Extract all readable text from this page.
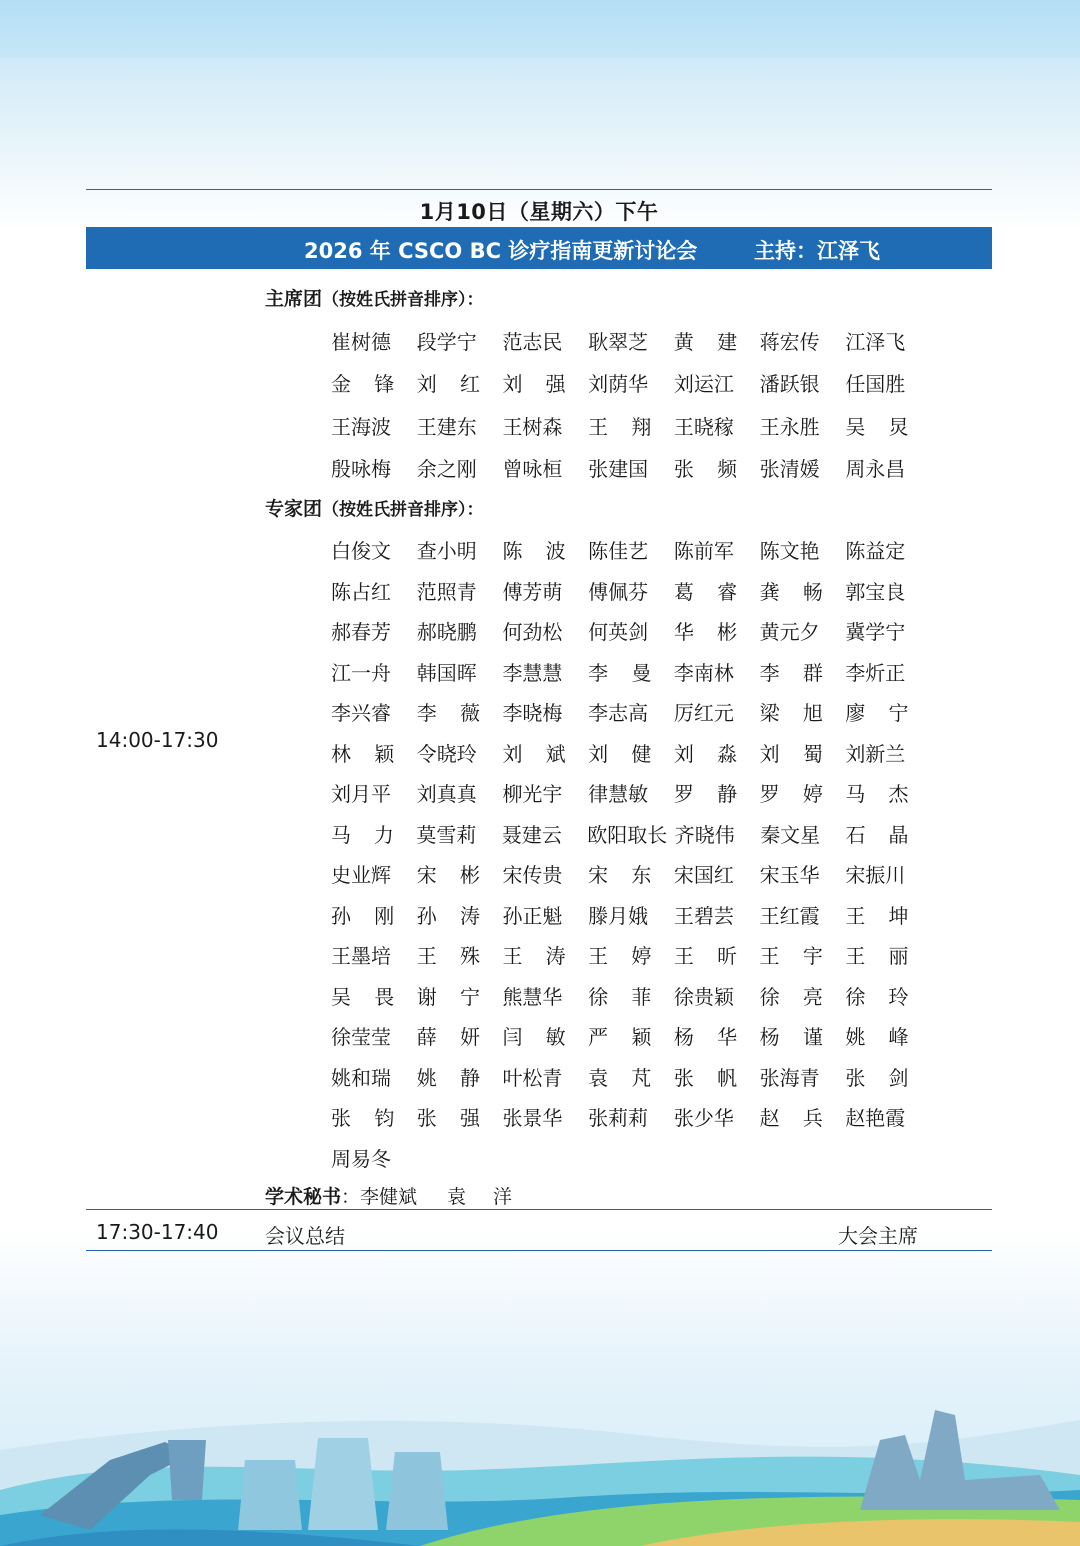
1月10日（星期六）下午
2026 年 CSCO BC 诊疗指南更新讨论会	主持：江泽飞
主席团（按姓氏拼音排序）：
崔树德 段学宁 范志民 耿翠芝 黄 建 蒋宏传 江泽飞
金 锋 刘 红 刘 强 刘荫华 刘运江 潘跃银 任国胜
王海波 王建东 王树森 王 翔 王晓稼 王永胜 吴 炅
殷咏梅 余之刚 曾咏桓 张建国 张 频 张清媛 周永昌
专家团（按姓氏拼音排序）：
白俊文 查小明 陈 波 陈佳艺 陈前军 陈文艳 陈益定
陈占红 范照青 傅芳萌 傅佩芬 葛 睿 龚 畅 郭宝良
郝春芳 郝晓鹏 何劲松 何英剑 华 彬 黄元夕 冀学宁
江一舟 韩国晖 李慧慧 李 曼 李南林 李 群 李炘正
李兴睿 李 薇 李晓梅 李志高 厉红元 梁 旭 廖 宁
林 颖 令晓玲 刘 斌 刘 健 刘 淼 刘 蜀 刘新兰
刘月平 刘真真 柳光宇 律慧敏 罗 静 罗 婷 马 杰
马 力 莫雪莉 聂建云 欧阳取长 齐晓伟 秦文星 石 晶
史业辉 宋 彬 宋传贵 宋 东 宋国红 宋玉华 宋振川
孙 刚 孙 涛 孙正魁 滕月娥 王碧芸 王红霞 王 坤
王墨培 王 殊 王 涛 王 婷 王 昕 王 宇 王 丽
吴 畏 谢 宁 熊慧华 徐 菲 徐贵颖 徐 亮 徐 玲
徐莹莹 薛 妍 闫 敏 严 颖 杨 华 杨 谨 姚 峰
姚和瑞 姚 静 叶松青 袁 芃 张 帆 张海青 张 剑
张 钧 张 强 张景华 张莉莉 张少华 赵 兵 赵艳霞
周易冬
14:00-17:30
学术秘书：李健斌 袁 洋
17:30-17:40 会议总结	大会主席
